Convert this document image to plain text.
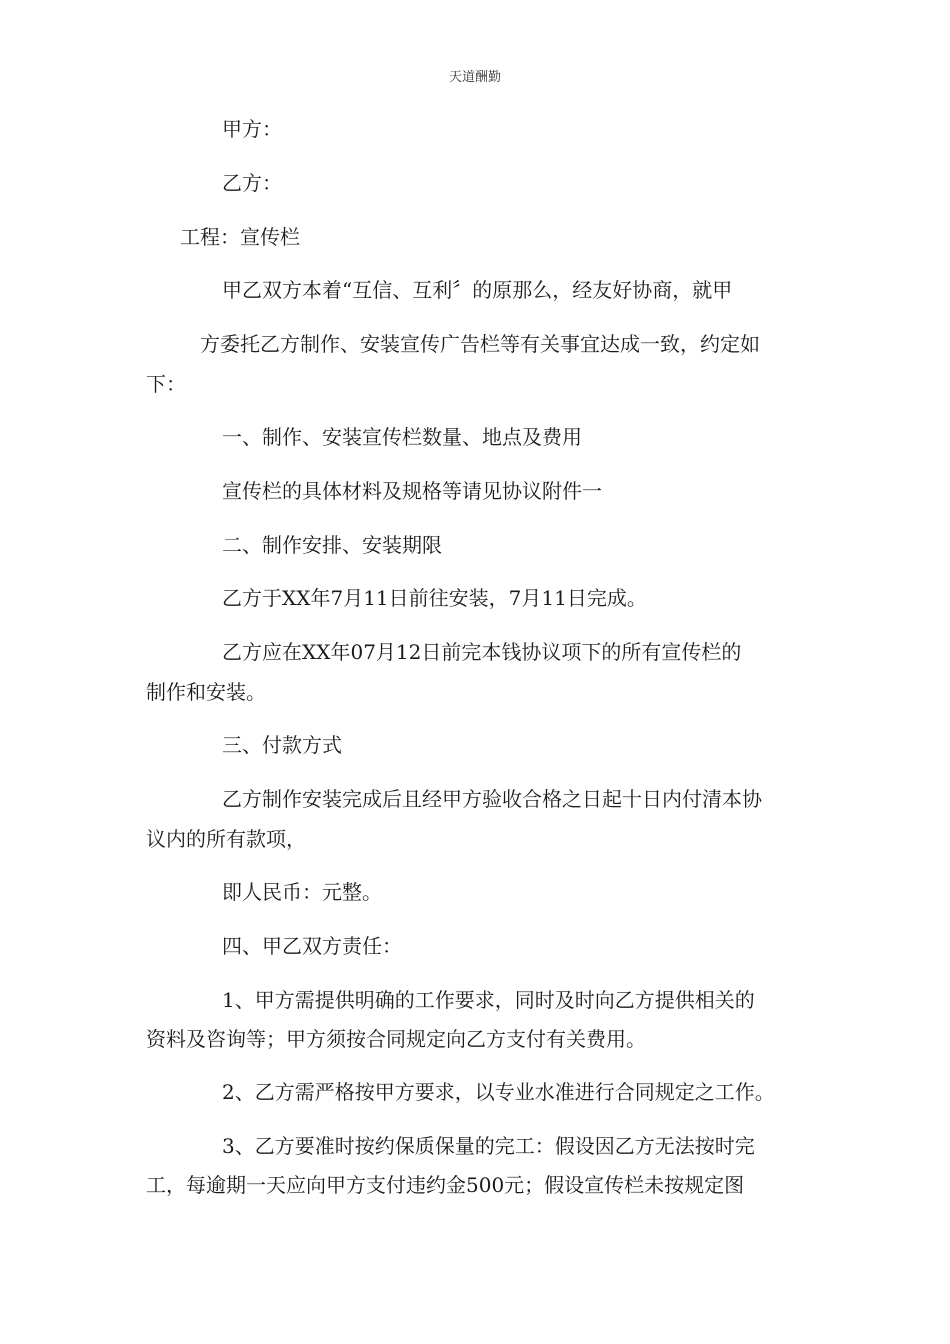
天道酬勤
甲方：
乙方：
工程：宣传栏
甲乙双方本着“互信、互利〞的原那么，经友好协商，就甲
方委托乙方制作、安装宣传广告栏等有关事宜达成一致，约定如
下：
一、制作、安装宣传栏数量、地点及费用
宣传栏的具体材料及规格等请见协议附件一
二、制作安排、安装期限
乙方于XX年7月11日前往安装，7月11日完成。
乙方应在XX年07月12日前完本钱协议项下的所有宣传栏的
制作和安装。
三、付款方式
乙方制作安装完成后且经甲方验收合格之日起十日内付清本协
议内的所有款项，
即人民币：元整。
四、甲乙双方责任：
1、甲方需提供明确的工作要求，同时及时向乙方提供相关的
资料及咨询等；甲方须按合同规定向乙方支付有关费用。
2、乙方需严格按甲方要求，以专业水准进行合同规定之工作。
3、乙方要准时按约保质保量的完工：假设因乙方无法按时完
工，每逾期一天应向甲方支付违约金500元；假设宣传栏未按规定图
